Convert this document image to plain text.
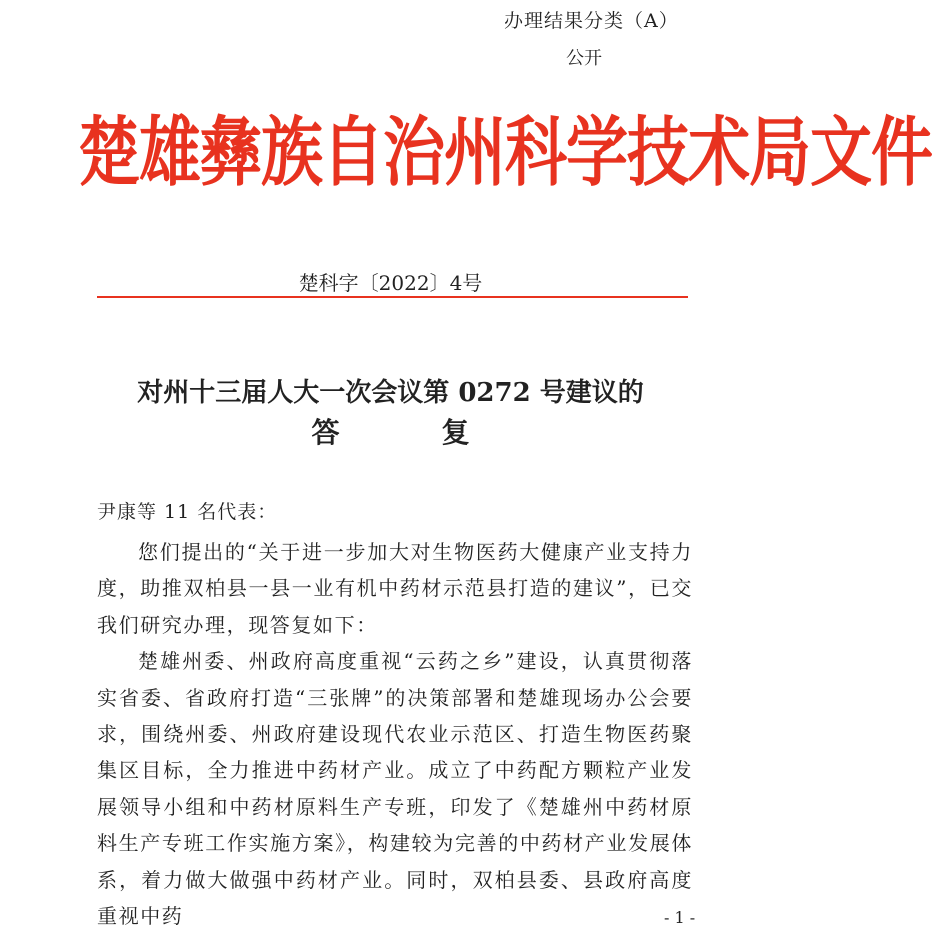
办理结果分类（A）
公开
楚雄彝族自治州科学技术局文件
楚科字〔2022〕4号
对州十三届人大一次会议第 0272 号建议的
答	复
尹康等 11 名代表：

您们提出的“关于进一步加大对生物医药大健康产业支持力度，助推双柏县一县一业有机中药材示范县打造的建议”，已交我们研究办理，现答复如下：

楚雄州委、州政府高度重视“云药之乡”建设，认真贯彻落实省委、省政府打造“三张牌”的决策部署和楚雄现场办公会要求，围绕州委、州政府建设现代农业示范区、打造生物医药聚集区目标，全力推进中药材产业。成立了中药配方颗粒产业发展领导小组和中药材原料生产专班，印发了《楚雄州中药材原料生产专班工作实施方案》，构建较为完善的中药材产业发展体系，着力做大做强中药材产业。同时，双柏县委、县政府高度重视中药	- 1 -
